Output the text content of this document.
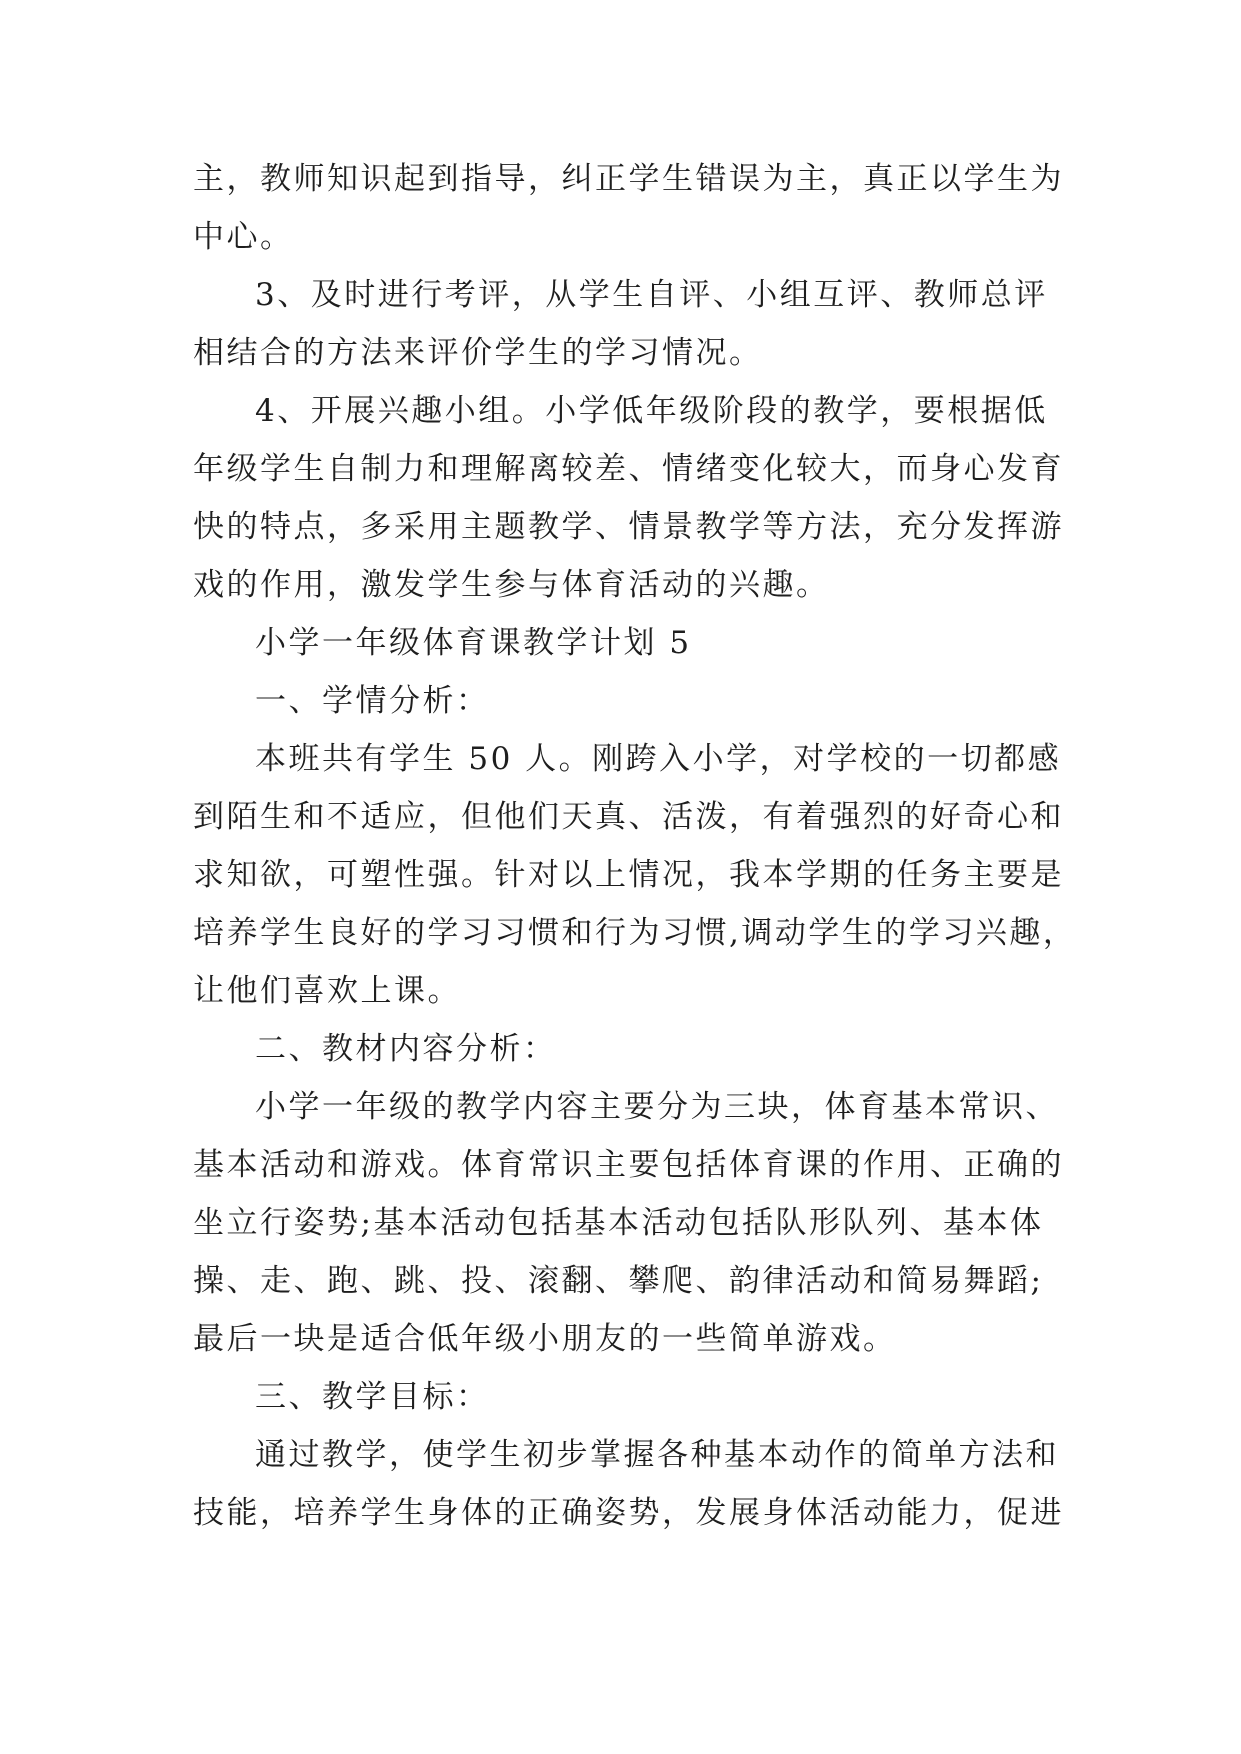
主，教师知识起到指导，纠正学生错误为主，真正以学生为
中心。
3、及时进行考评，从学生自评、小组互评、教师总评
相结合的方法来评价学生的学习情况。
4、开展兴趣小组。小学低年级阶段的教学，要根据低
年级学生自制力和理解离较差、情绪变化较大，而身心发育
快的特点，多采用主题教学、情景教学等方法，充分发挥游
戏的作用，激发学生参与体育活动的兴趣。
小学一年级体育课教学计划 5
一、学情分析：
本班共有学生 50 人。刚跨入小学，对学校的一切都感
到陌生和不适应，但他们天真、活泼，有着强烈的好奇心和
求知欲，可塑性强。针对以上情况，我本学期的任务主要是
培养学生良好的学习习惯和行为习惯,调动学生的学习兴趣，
让他们喜欢上课。
二、教材内容分析：
小学一年级的教学内容主要分为三块，体育基本常识、
基本活动和游戏。体育常识主要包括体育课的作用、正确的
坐立行姿势;基本活动包括基本活动包括队形队列、基本体
操、走、跑、跳、投、滚翻、攀爬、韵律活动和简易舞蹈;
最后一块是适合低年级小朋友的一些简单游戏。
三、教学目标：
通过教学，使学生初步掌握各种基本动作的简单方法和
技能，培养学生身体的正确姿势，发展身体活动能力，促进
